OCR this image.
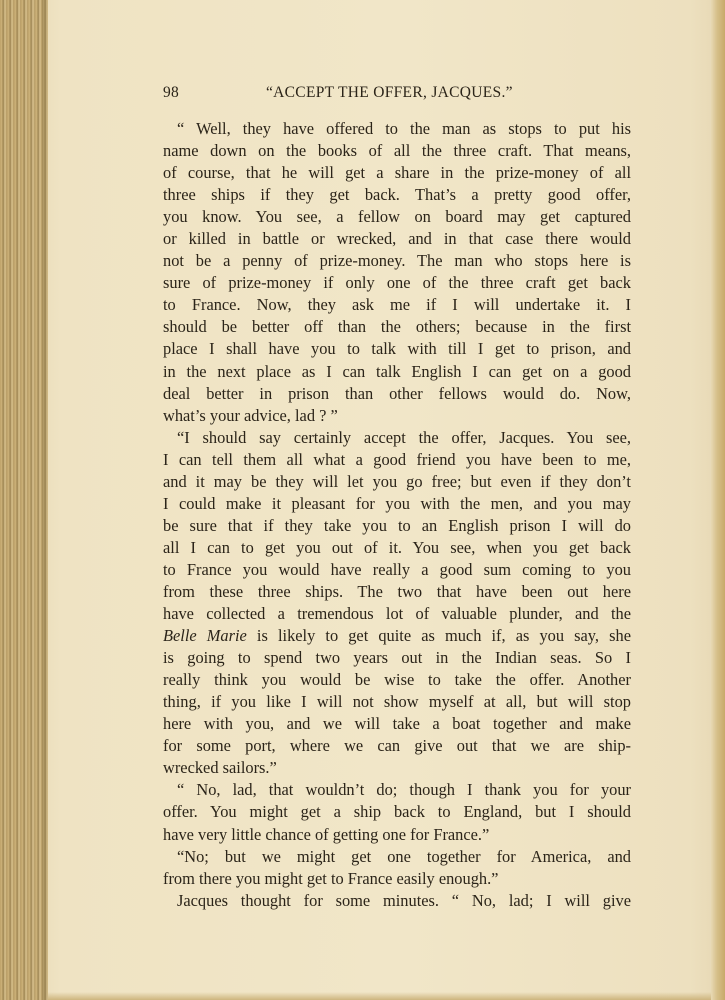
98	“ACCEPT THE OFFER, JACQUES.”
“ Well, they have offered to the man as stops to put his
name down on the books of all the three craft. That means,
of course, that he will get a share in the prize-money of all
three ships if they get back. That’s a pretty good offer,
you know. You see, a fellow on board may get captured
or killed in battle or wrecked, and in that case there would
not be a penny of prize-money. The man who stops here is
sure of prize-money if only one of the three craft get back
to France. Now, they ask me if I will undertake it. I
should be better off than the others; because in the first
place I shall have you to talk with till I get to prison, and
in the next place as I can talk English I can get on a good
deal better in prison than other fellows would do. Now,
what’s your advice, lad ? ”
“I should say certainly accept the offer, Jacques. You see,
I can tell them all what a good friend you have been to me,
and it may be they will let you go free; but even if they don’t
I could make it pleasant for you with the men, and you may
be sure that if they take you to an English prison I will do
all I can to get you out of it. You see, when you get back
to France you would have really a good sum coming to you
from these three ships. The two that have been out here
have collected a tremendous lot of valuable plunder, and the
Belle Marie is likely to get quite as much if, as you say, she
is going to spend two years out in the Indian seas. So I
really think you would be wise to take the offer. Another
thing, if you like I will not show myself at all, but will stop
here with you, and we will take a boat together and make
for some port, where we can give out that we are ship-
wrecked sailors.”
“ No, lad, that wouldn’t do; though I thank you for your
offer. You might get a ship back to England, but I should
have very little chance of getting one for France.”
“No; but we might get one together for America, and
from there you might get to France easily enough.”
Jacques thought for some minutes. “ No, lad; I will give
